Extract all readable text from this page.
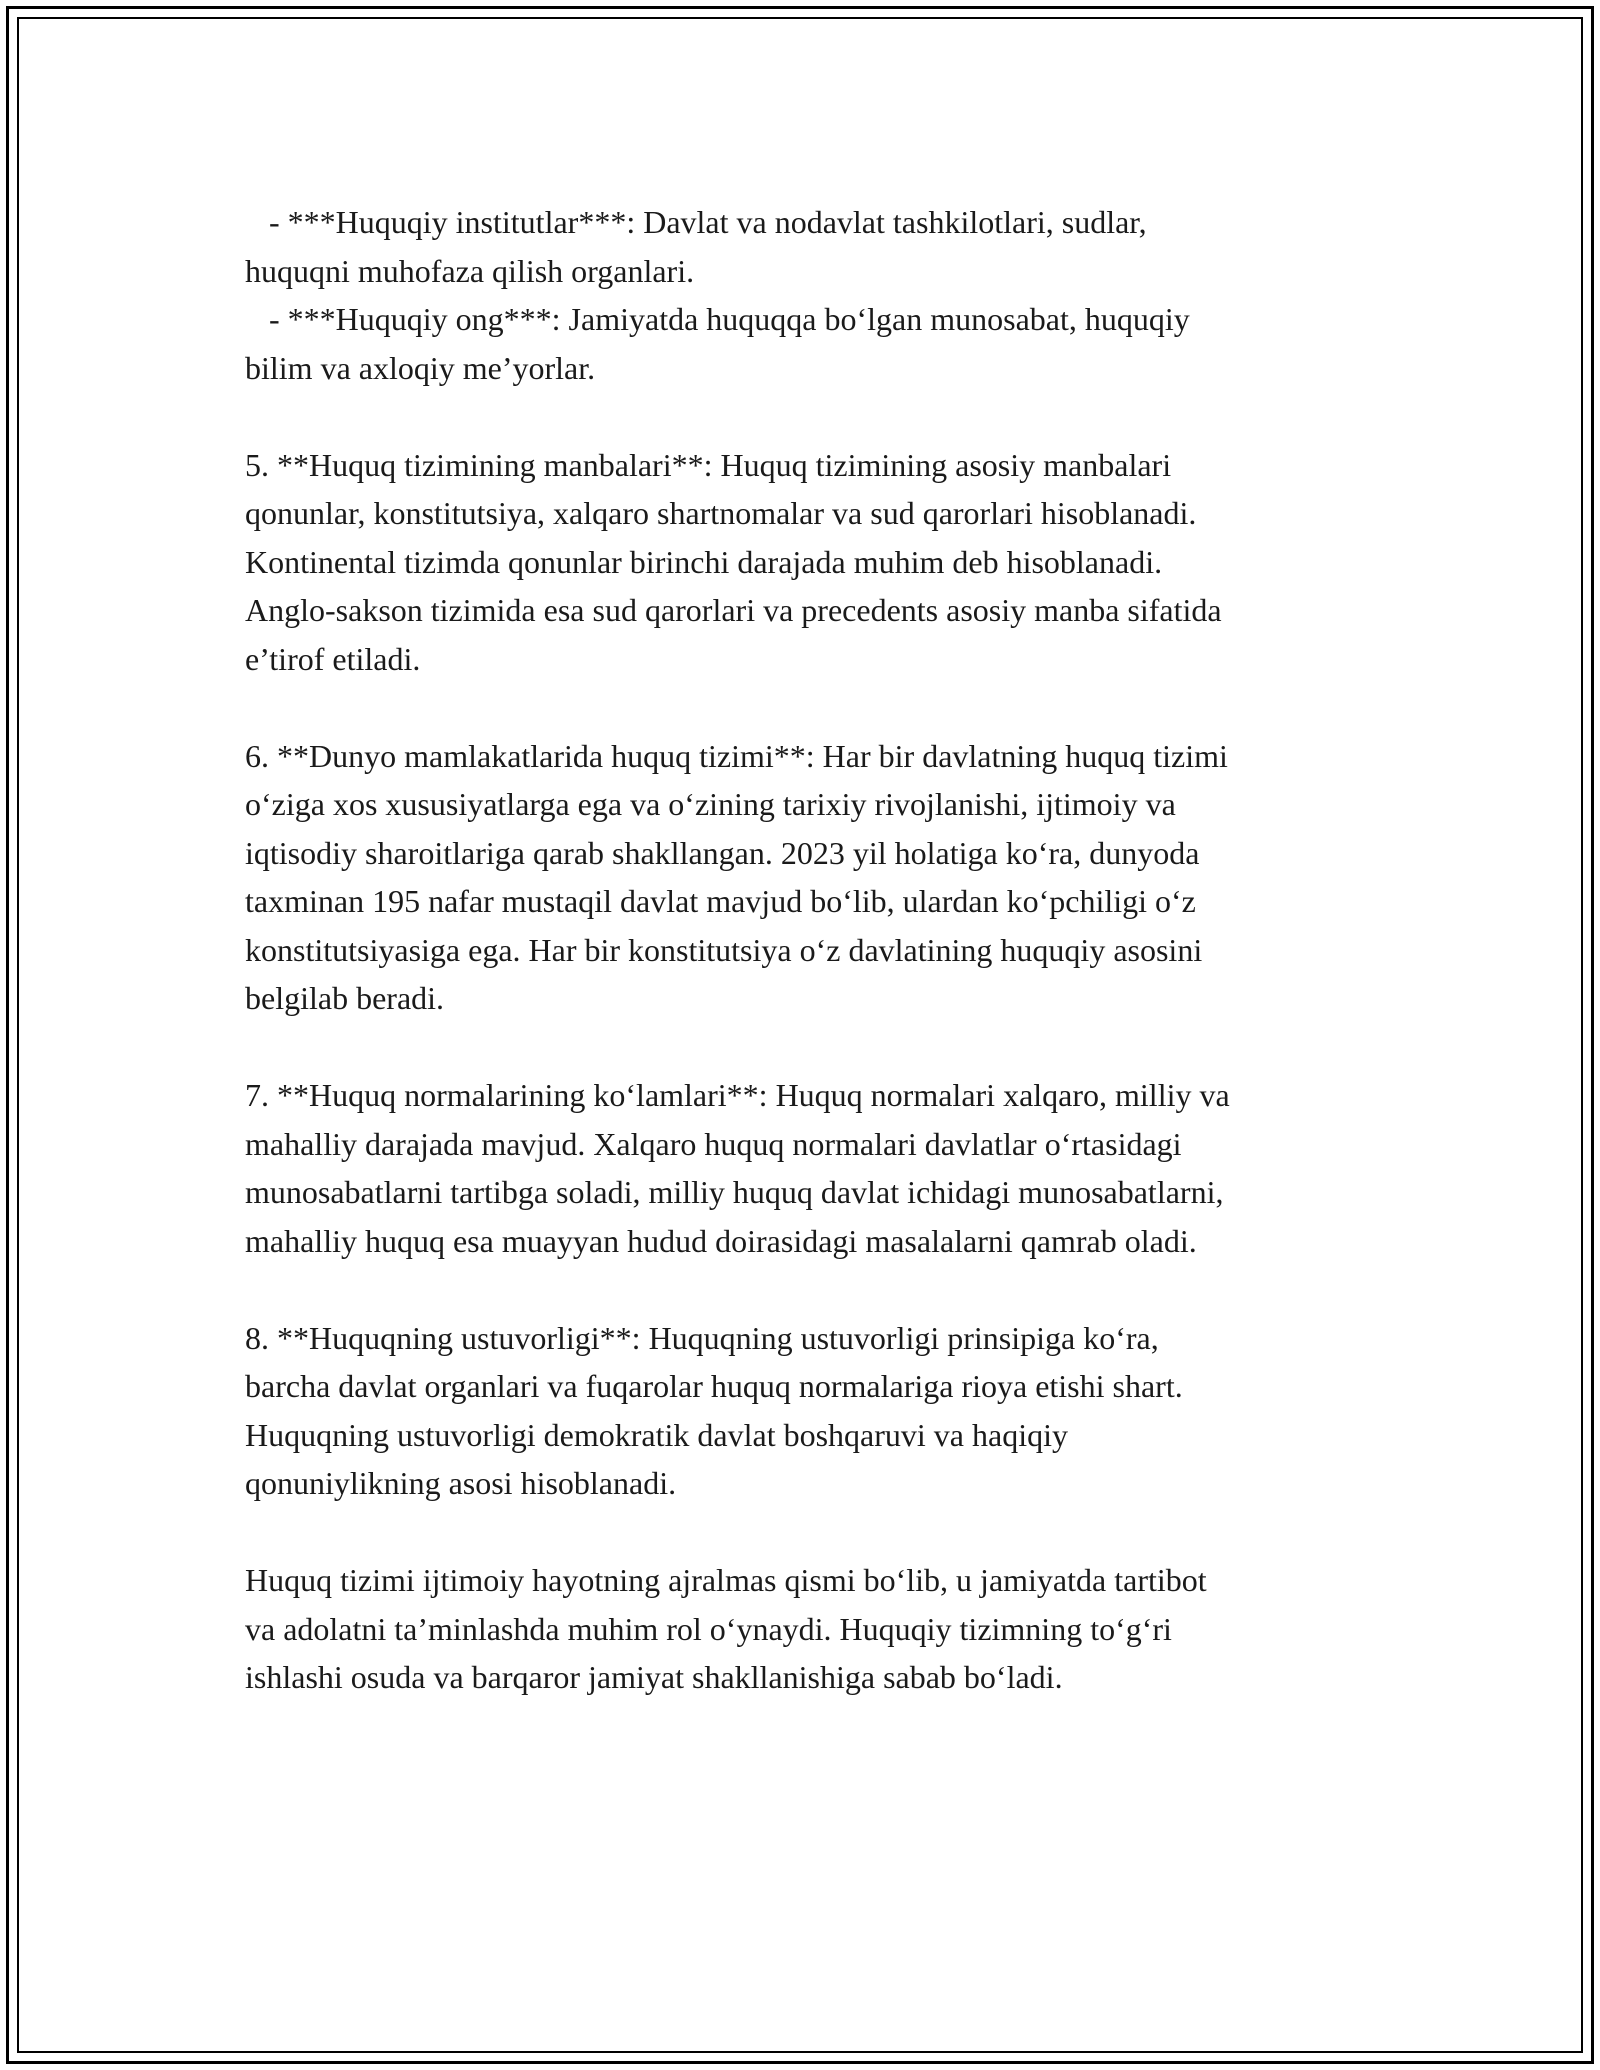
- ***Huquqiy institutlar***: Davlat va nodavlat tashkilotlari, sudlar,
huquqni muhofaza qilish organlari.
- ***Huquqiy ong***: Jamiyatda huquqqa bo‘lgan munosabat, huquqiy
bilim va axloqiy me’yorlar.
5. **Huquq tizimining manbalari**: Huquq tizimining asosiy manbalari
qonunlar, konstitutsiya, xalqaro shartnomalar va sud qarorlari hisoblanadi.
Kontinental tizimda qonunlar birinchi darajada muhim deb hisoblanadi.
Anglo-sakson tizimida esa sud qarorlari va precedents asosiy manba sifatida
e’tirof etiladi.
6. **Dunyo mamlakatlarida huquq tizimi**: Har bir davlatning huquq tizimi
o‘ziga xos xususiyatlarga ega va o‘zining tarixiy rivojlanishi, ijtimoiy va
iqtisodiy sharoitlariga qarab shakllangan. 2023 yil holatiga ko‘ra, dunyoda
taxminan 195 nafar mustaqil davlat mavjud bo‘lib, ulardan ko‘pchiligi o‘z
konstitutsiyasiga ega. Har bir konstitutsiya o‘z davlatining huquqiy asosini
belgilab beradi.
7. **Huquq normalarining ko‘lamlari**: Huquq normalari xalqaro, milliy va
mahalliy darajada mavjud. Xalqaro huquq normalari davlatlar o‘rtasidagi
munosabatlarni tartibga soladi, milliy huquq davlat ichidagi munosabatlarni,
mahalliy huquq esa muayyan hudud doirasidagi masalalarni qamrab oladi.
8. **Huquqning ustuvorligi**: Huquqning ustuvorligi prinsipiga ko‘ra,
barcha davlat organlari va fuqarolar huquq normalariga rioya etishi shart.
Huquqning ustuvorligi demokratik davlat boshqaruvi va haqiqiy
qonuniylikning asosi hisoblanadi.
Huquq tizimi ijtimoiy hayotning ajralmas qismi bo‘lib, u jamiyatda tartibot
va adolatni ta’minlashda muhim rol o‘ynaydi. Huquqiy tizimning to‘g‘ri
ishlashi osuda va barqaror jamiyat shakllanishiga sabab bo‘ladi.
